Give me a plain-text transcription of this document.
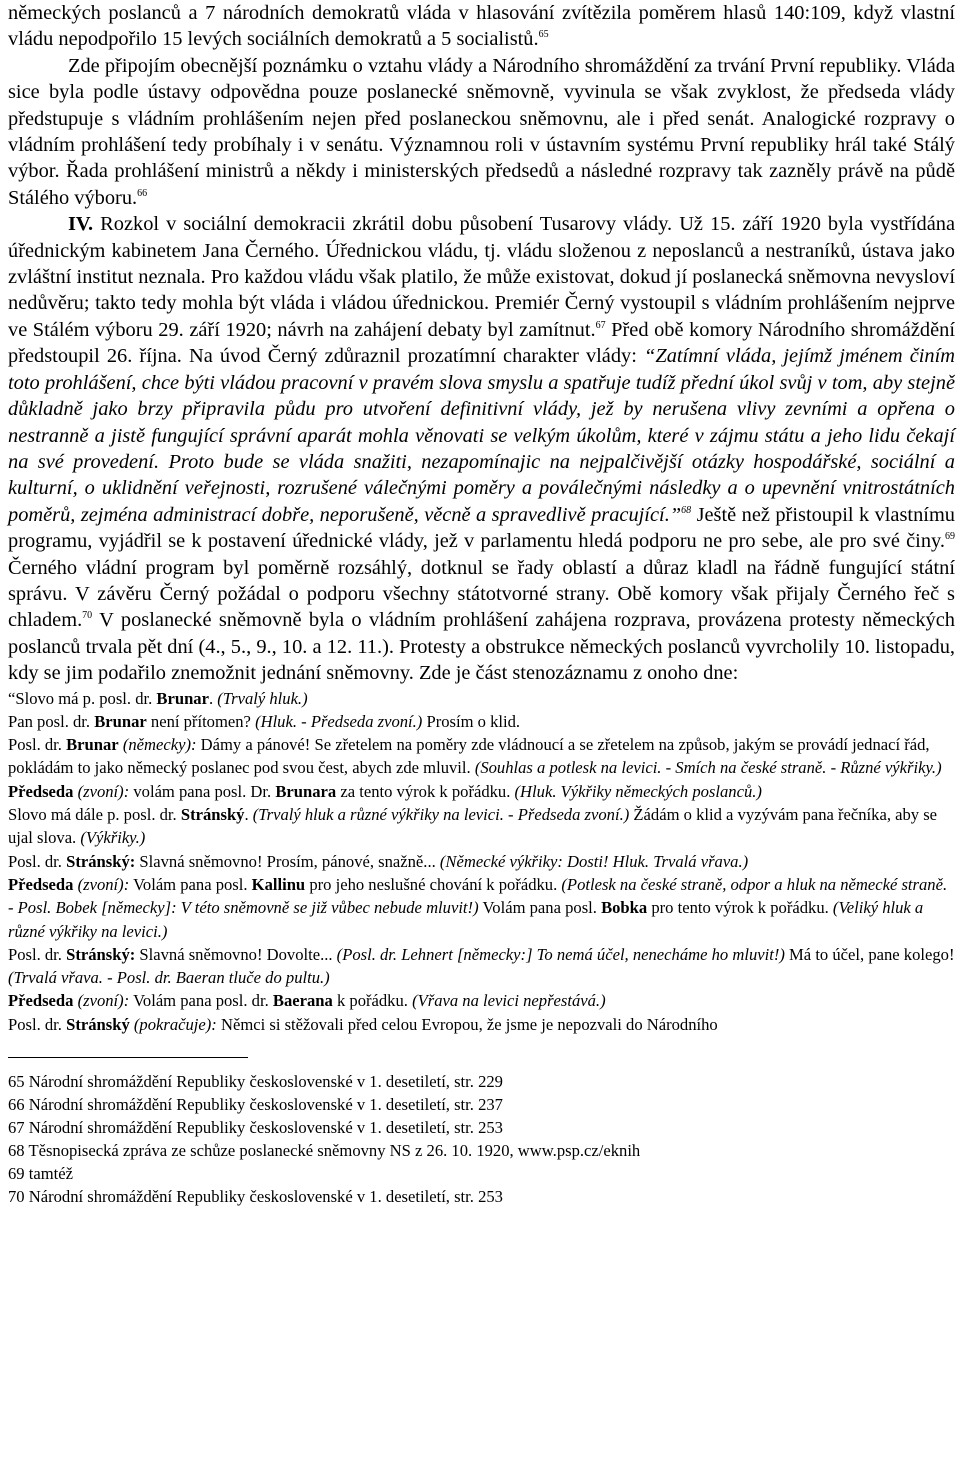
německých poslanců a 7 národních demokratů vláda v hlasování zvítězila poměrem hlasů 140:109, když vlastní vládu nepodpořilo 15 levých sociálních demokratů a 5 socialistů.$^{65}$

Zde připojím obecnější poznámku o vztahu vlády a Národního shromáždění za trvání První republiky. Vláda sice byla podle ústavy odpovědna pouze poslanecké sněmovně, vyvinula se však zvyklost, že předseda vlády předstupuje s vládním prohlášením nejen před poslaneckou sněmovnu, ale i před senát. Analogické rozpravy o vládním prohlášení tedy probíhaly i v senátu. Významnou roli v ústavním systému První republiky hrál také Stálý výbor. Řada prohlášení ministrů a někdy i ministerských předsedů a následné rozpravy tak zazněly právě na půdě Stálého výboru.$^{66}$

IV. Rozkol v sociální demokracii zkrátil dobu působení Tusarovy vlády. Už 15. září 1920 byla vystřídána úřednickým kabinetem Jana Černého. Úřednickou vládu, tj. vládu složenou z neposlanců a nestraníků, ústava jako zvláštní institut neznala. Pro každou vládu však platilo, že může existovat, dokud jí poslanecká sněmovna nevysloví nedůvěru; takto tedy mohla být vláda i vládou úřednickou. Premiér Černý vystoupil s vládním prohlášením nejprve ve Stálém výboru 29. září 1920; návrh na zahájení debaty byl zamítnut.$^{67}$ Před obě komory Národního shromáždění předstoupil 26. října. Na úvod Černý zdůraznil prozatímní charakter vlády: “Zatímní vláda, jejímž jménem činím toto prohlášení, chce býti vládou pracovní v pravém slova smyslu a spatřuje tudíž přední úkol svůj v tom, aby stejně důkladně jako brzy připravila půdu pro utvoření definitivní vlády, jež by nerušena vlivy zevními a opřena o nestranně a jistě fungující správní aparát mohla věnovati se velkým úkolům, které v zájmu státu a jeho lidu čekají na své provedení. Proto bude se vláda snažiti, nezapomínajic na nejpalčivější otázky hospodářské, sociální a kulturní, o uklidnění veřejnosti, rozrušené válečnými poměry a poválečnými následky a o upevnění vnitrostátních poměrů, zejména administrací dobře, neporušeně, věcně a spravedlivě pracující.”$^{68}$ Ještě než přistoupil k vlastnímu programu, vyjádřil se k postavení úřednické vlády, jež v parlamentu hledá podporu ne pro sebe, ale pro své činy.$^{69}$ Černého vládní program byl poměrně rozsáhlý, dotknul se řady oblastí a důraz kladl na řádně fungující státní správu. V závěru Černý požádal o podporu všechny státotvorné strany. Obě komory však přijaly Černého řeč s chladem.$^{70}$ V poslanecké sněmovně byla o vládním prohlášení zahájena rozprava, provázena protesty německých poslanců trvala pět dní (4., 5., 9., 10. a 12. 11.). Protesty a obstrukce německých poslanců vyvrcholily 10. listopadu, kdy se jim podařilo znemožnit jednání sněmovny. Zde je část stenozáznamu z onoho dne:

“Slovo má p. posl. dr. Brunar. (Trvalý hluk.)

Pan posl. dr. Brunar není přítomen? (Hluk. - Předseda zvoní.) Prosím o klid.

Posl. dr. Brunar (německy): Dámy a pánové! Se zřetelem na poměry zde vládnoucí a se zřetelem na způsob, jakým se provádí jednací řád, pokládám to jako německý poslanec pod svou čest, abych zde mluvil. (Souhlas a potlesk na levici. - Smích na české straně. - Různé výkřiky.)

Předseda (zvoní): volám pana posl. Dr. Brunara za tento výrok k pořádku. (Hluk. Výkřiky německých poslanců.)

Slovo má dále p. posl. dr. Stránský. (Trvalý hluk a různé výkřiky na levici. - Předseda zvoní.) Žádám o klid a vyzývám pana řečníka, aby se ujal slova. (Výkřiky.)

Posl. dr. Stránský: Slavná sněmovno! Prosím, pánové, snažně... (Německé výkřiky: Dosti! Hluk. Trvalá vřava.)

Předseda (zvoní): Volám pana posl. Kallinu pro jeho neslušné chování k pořádku. (Potlesk na české straně, odpor a hluk na německé straně. - Posl. Bobek [německy]: V této sněmovně se již vůbec nebude mluvit!) Volám pana posl. Bobka pro tento výrok k pořádku. (Veliký hluk a různé výkřiky na levici.)

Posl. dr. Stránský: Slavná sněmovno! Dovolte... (Posl. dr. Lehnert [německy:] To nemá účel, nenecháme ho mluvit!) Má to účel, pane kolego! (Trvalá vřava. - Posl. dr. Baeran tluče do pultu.)

Předseda (zvoní): Volám pana posl. dr. Baerana k pořádku. (Vřava na levici nepřestává.)

Posl. dr. Stránský (pokračuje): Němci si stěžovali před celou Evropou, že jsme je nepozvali do Národního

65 Národní shromáždění Republiky československé v 1. desetiletí, str. 229

66 Národní shromáždění Republiky československé v 1. desetiletí, str. 237

67 Národní shromáždění Republiky československé v 1. desetiletí, str. 253

68 Těsnopisecká zpráva ze schůze poslanecké sněmovny NS z 26. 10. 1920, www.psp.cz/eknih

69 tamtéž

70 Národní shromáždění Republiky československé v 1. desetiletí, str. 253
